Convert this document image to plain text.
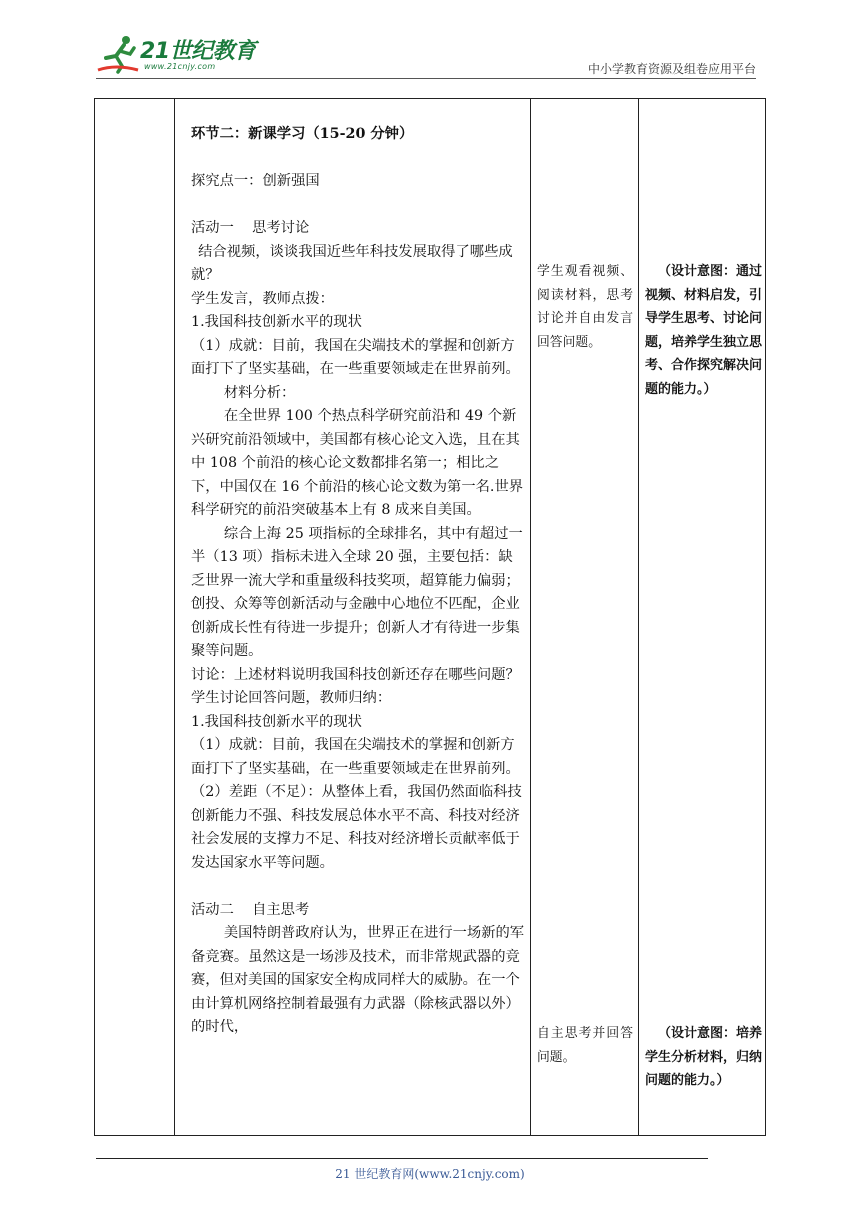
21世纪教育
www.21cnjy.com	中小学教育资源及组卷应用平台

环节二：新课学习（15-20 分钟）

探究点一：创新强国

活动一    思考讨论

结合视频，谈谈我国近些年科技发展取得了哪些成就？

学生发言，教师点拨：

1.我国科技创新水平的现状

（1）成就：目前，我国在尖端技术的掌握和创新方面打下了坚实基础，在一些重要领域走在世界前列。

材料分析：

在全世界 100 个热点科学研究前沿和 49 个新兴研究前沿领域中，美国都有核心论文入选，且在其中 108 个前沿的核心论文数都排名第一；相比之下，中国仅在 16 个前沿的核心论文数为第一名.世界科学研究的前沿突破基本上有 8 成来自美国。

综合上海 25 项指标的全球排名，其中有超过一半（13 项）指标未进入全球 20 强，主要包括：缺乏世界一流大学和重量级科技奖项，超算能力偏弱；创投、众筹等创新活动与金融中心地位不匹配，企业创新成长性有待进一步提升；创新人才有待进一步集聚等问题。

讨论：上述材料说明我国科技创新还存在哪些问题？

学生讨论回答问题，教师归纳：

1.我国科技创新水平的现状

（1）成就：目前，我国在尖端技术的掌握和创新方面打下了坚实基础，在一些重要领域走在世界前列。

（2）差距（不足）：从整体上看，我国仍然面临科技创新能力不强、科技发展总体水平不高、科技对经济社会发展的支撑力不足、科技对经济增长贡献率低于发达国家水平等问题。

活动二    自主思考

美国特朗普政府认为，世界正在进行一场新的军备竞赛。虽然这是一场涉及技术，而非常规武器的竞赛，但对美国的国家安全构成同样大的威胁。在一个由计算机网络控制着最强有力武器（除核武器以外）的时代，

学生观看视频、阅读材料，思考讨论并自由发言回答问题。
自主思考并回答问题。

（设计意图：通过视频、材料启发，引导学生思考、讨论问题，培养学生独立思考、合作探究解决问题的能力。）

（设计意图：培养学生分析材料，归纳问题的能力。）

21 世纪教育网(www.21cnjy.com)
